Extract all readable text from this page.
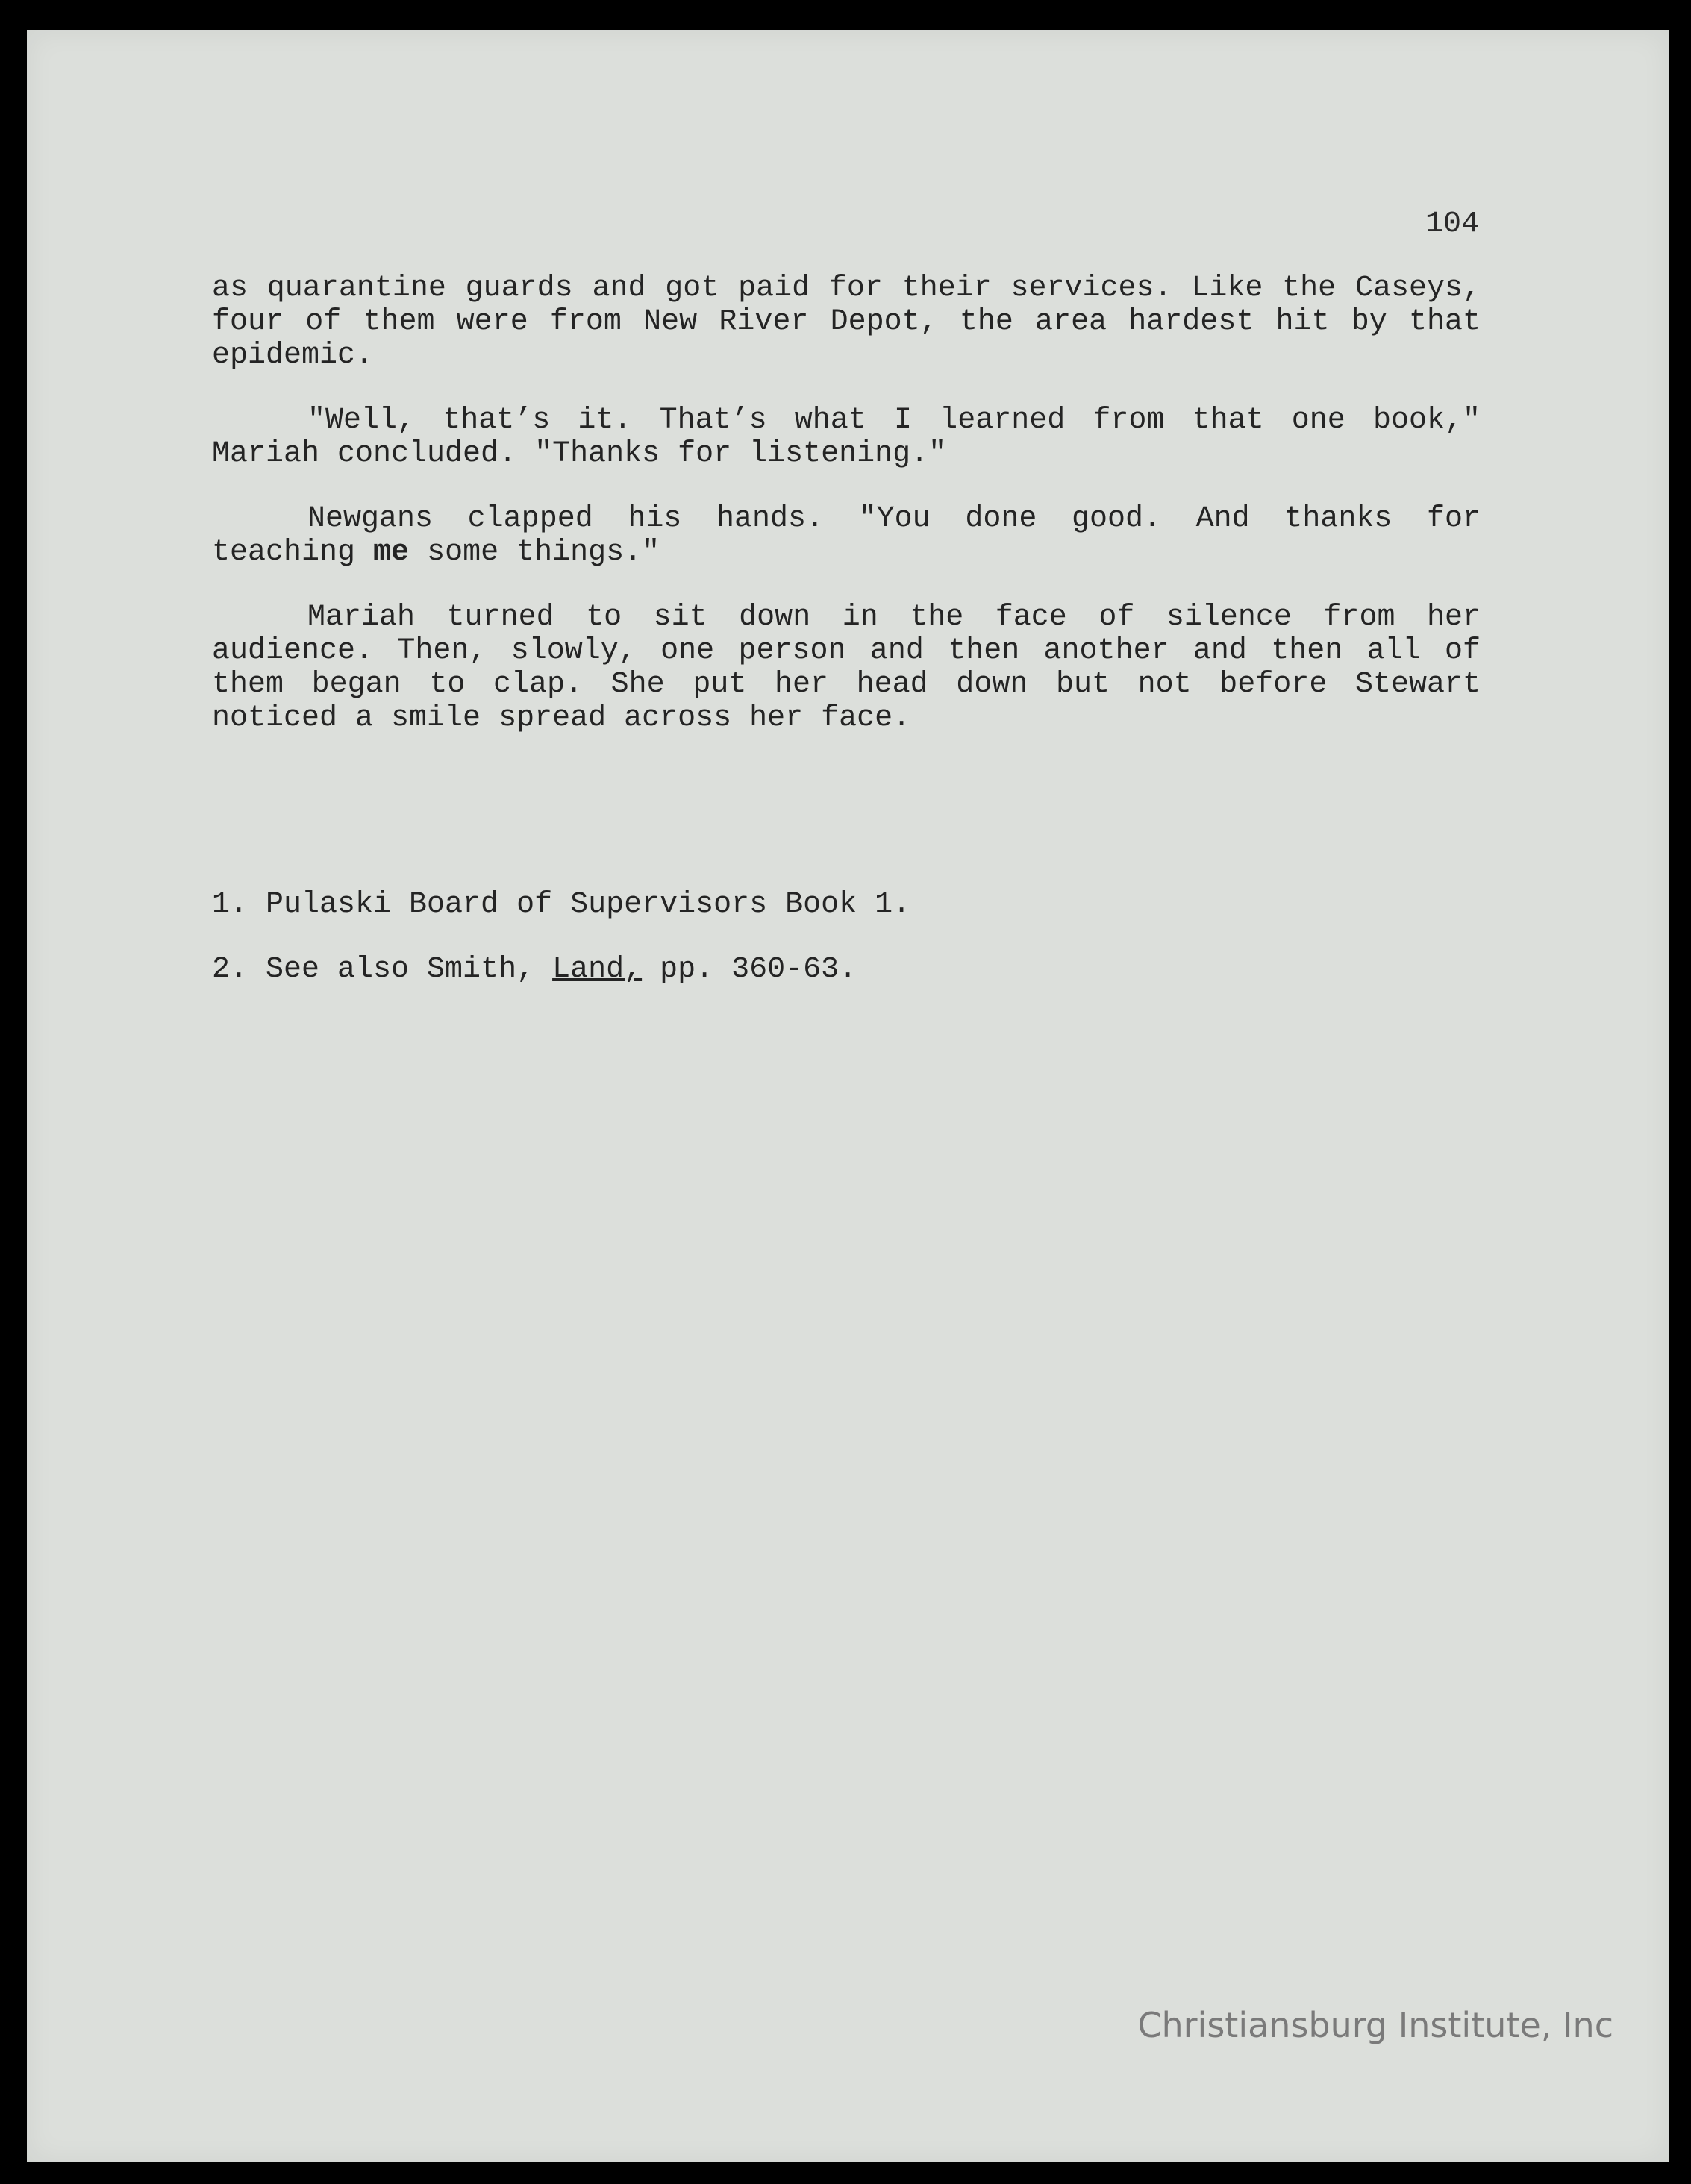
104

as quarantine guards and got paid for their services. Like the Caseys, four of them were from New River Depot, the area hardest hit by that epidemic.

"Well, that’s it. That’s what I learned from that one book," Mariah concluded. "Thanks for listening."

Newgans clapped his hands. "You done good. And thanks for teaching me some things."

Mariah turned to sit down in the face of silence from her audience. Then, slowly, one person and then another and then all of them began to clap. She put her head down but not before Stewart noticed a smile spread across her face.

1. Pulaski Board of Supervisors Book 1.

2. See also Smith, Land, pp. 360-63.

Christiansburg Institute, Inc
